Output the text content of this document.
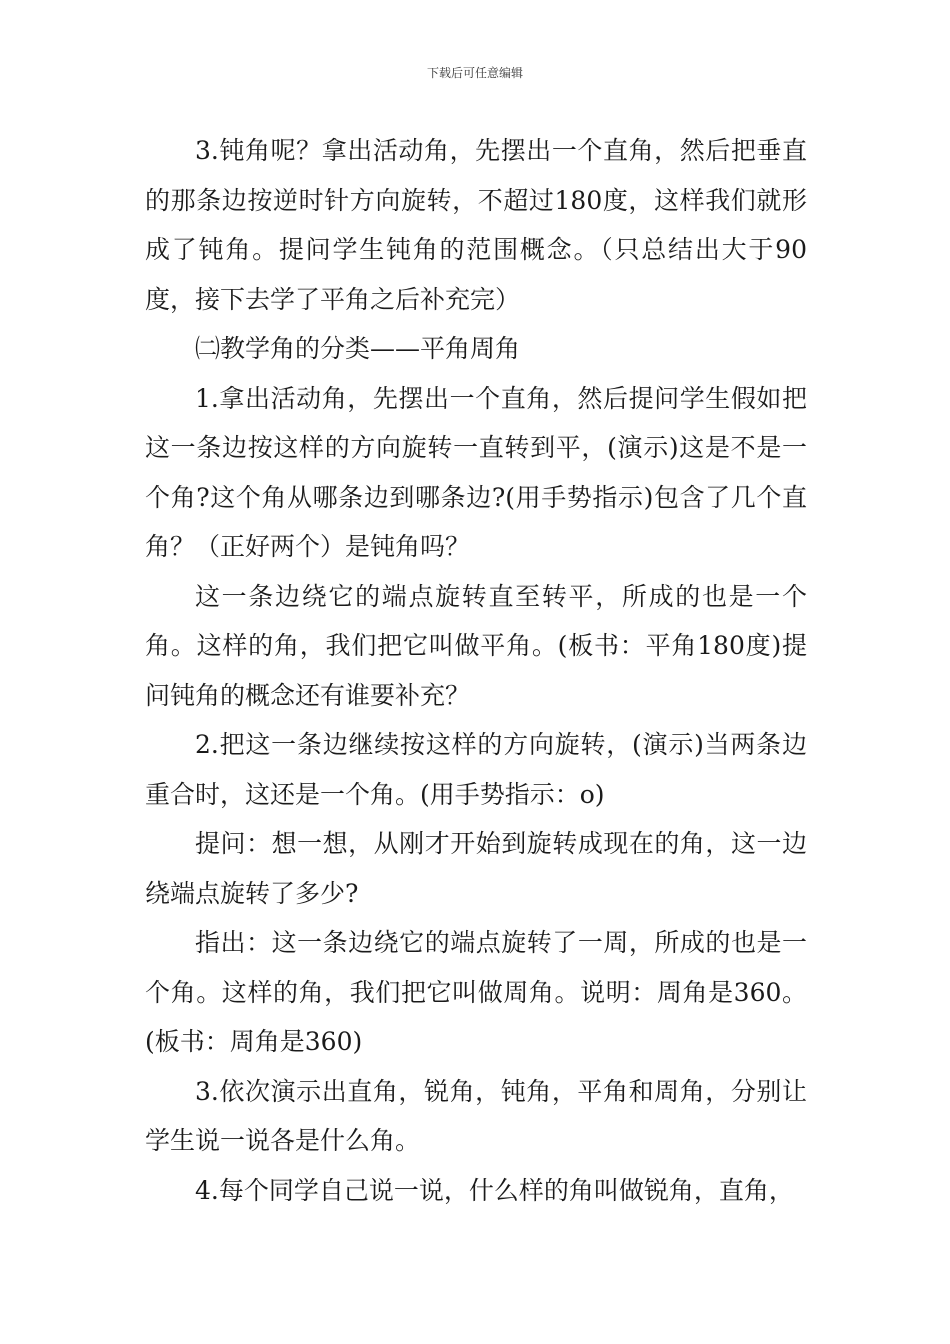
下载后可任意编辑

3.钝角呢？拿出活动角，先摆出一个直角，然后把垂直的那条边按逆时针方向旋转，不超过180度，这样我们就形成了钝角。提问学生钝角的范围概念。（只总结出大于90度，接下去学了平角之后补充完）

㈡教学角的分类——平角周角

1.拿出活动角，先摆出一个直角，然后提问学生假如把这一条边按这样的方向旋转一直转到平，(演示)这是不是一个角?这个角从哪条边到哪条边?(用手势指示)包含了几个直角？（正好两个）是钝角吗？

这一条边绕它的端点旋转直至转平，所成的也是一个角。这样的角，我们把它叫做平角。(板书：平角180度)提问钝角的概念还有谁要补充？

2.把这一条边继续按这样的方向旋转，(演示)当两条边重合时，这还是一个角。(用手势指示：o)

提问：想一想，从刚才开始到旋转成现在的角，这一边绕端点旋转了多少?

指出：这一条边绕它的端点旋转了一周，所成的也是一个角。这样的角，我们把它叫做周角。说明：周角是360。(板书：周角是360)

3.依次演示出直角，锐角，钝角，平角和周角，分别让学生说一说各是什么角。

4.每个同学自己说一说，什么样的角叫做锐角，直角，
